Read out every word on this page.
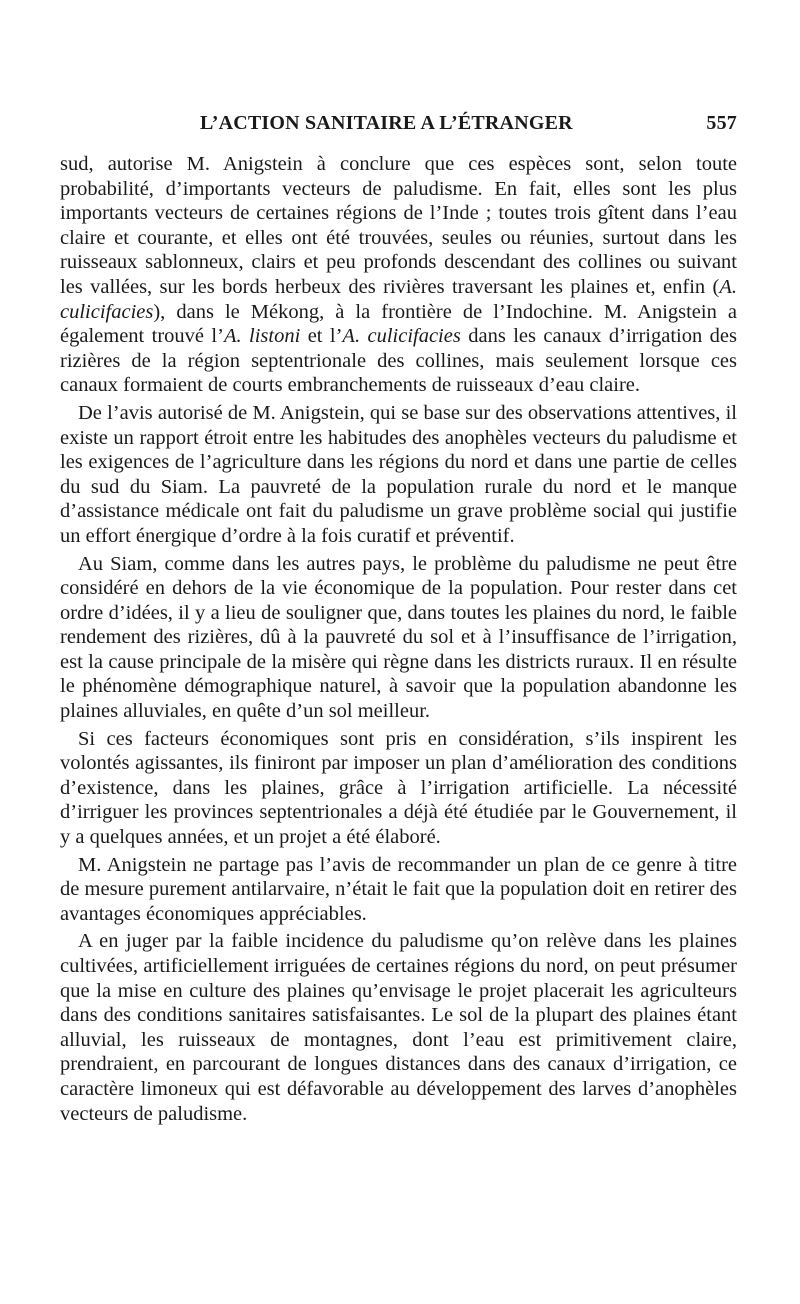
L’ACTION SANITAIRE A L’ÉTRANGER	557

sud, autorise M. Anigstein à conclure que ces espèces sont, selon toute probabilité, d’importants vecteurs de paludisme. En fait, elles sont les plus importants vecteurs de certaines régions de l’Inde ; toutes trois gîtent dans l’eau claire et courante, et elles ont été trouvées, seules ou réunies, surtout dans les ruisseaux sablonneux, clairs et peu profonds descendant des collines ou suivant les vallées, sur les bords herbeux des rivières traversant les plaines et, enfin (A. culicifacies), dans le Mékong, à la frontière de l’Indochine. M. Anigstein a également trouvé l’A. listoni et l’A. culicifacies dans les canaux d’irrigation des rizières de la région septentrionale des collines, mais seulement lorsque ces canaux formaient de courts embranchements de ruisseaux d’eau claire.

De l’avis autorisé de M. Anigstein, qui se base sur des observations attentives, il existe un rapport étroit entre les habitudes des anophèles vecteurs du paludisme et les exigences de l’agriculture dans les régions du nord et dans une partie de celles du sud du Siam. La pauvreté de la population rurale du nord et le manque d’assistance médicale ont fait du paludisme un grave problème social qui justifie un effort énergique d’ordre à la fois curatif et préventif.

Au Siam, comme dans les autres pays, le problème du paludisme ne peut être considéré en dehors de la vie économique de la population. Pour rester dans cet ordre d’idées, il y a lieu de souligner que, dans toutes les plaines du nord, le faible rendement des rizières, dû à la pauvreté du sol et à l’insuffisance de l’irrigation, est la cause principale de la misère qui règne dans les districts ruraux. Il en résulte le phénomène démographique naturel, à savoir que la population abandonne les plaines alluviales, en quête d’un sol meilleur.

Si ces facteurs économiques sont pris en considération, s’ils inspirent les volontés agissantes, ils finiront par imposer un plan d’amélioration des conditions d’existence, dans les plaines, grâce à l’irrigation artificielle. La nécessité d’irriguer les provinces septentrionales a déjà été étudiée par le Gouvernement, il y a quelques années, et un projet a été élaboré.

M. Anigstein ne partage pas l’avis de recommander un plan de ce genre à titre de mesure purement antilarvaire, n’était le fait que la population doit en retirer des avantages économiques appréciables.

A en juger par la faible incidence du paludisme qu’on relève dans les plaines cultivées, artificiellement irriguées de certaines régions du nord, on peut présumer que la mise en culture des plaines qu’envisage le projet placerait les agriculteurs dans des conditions sanitaires satisfaisantes. Le sol de la plupart des plaines étant alluvial, les ruisseaux de montagnes, dont l’eau est primitivement claire, prendraient, en parcourant de longues distances dans des canaux d’irrigation, ce caractère limoneux qui est défavorable au développement des larves d’anophèles vecteurs de paludisme.
